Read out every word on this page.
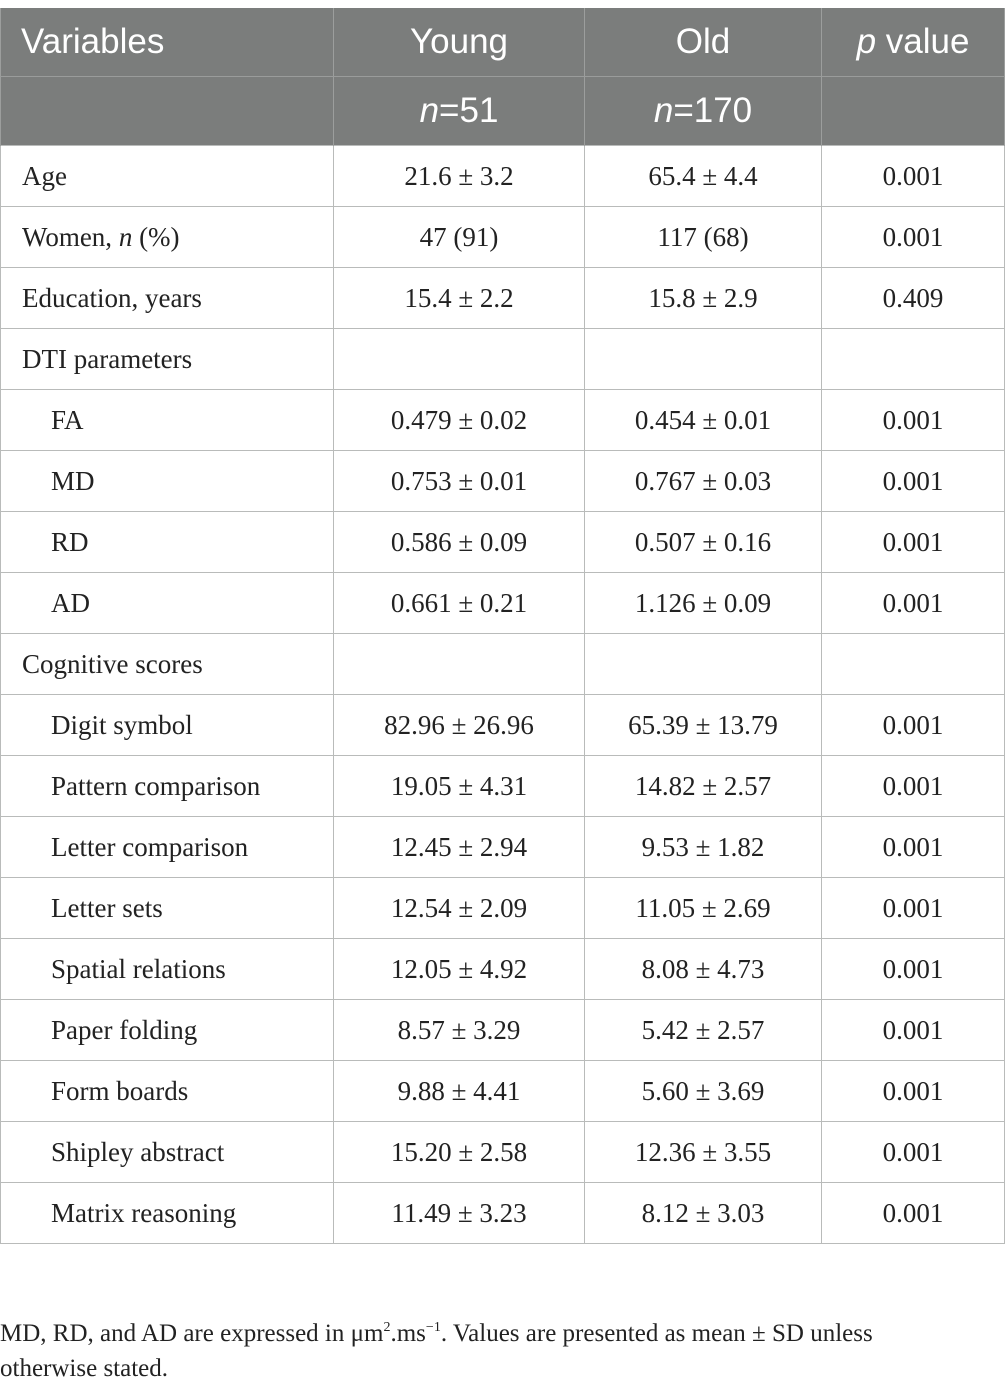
Variables	Young	Old	p value
	n=51	n=170	
Age	21.6 ± 3.2	65.4 ± 4.4	0.001
Women, n (%)	47 (91)	117 (68)	0.001
Education, years	15.4 ± 2.2	15.8 ± 2.9	0.409
DTI parameters			
FA	0.479 ± 0.02	0.454 ± 0.01	0.001
MD	0.753 ± 0.01	0.767 ± 0.03	0.001
RD	0.586 ± 0.09	0.507 ± 0.16	0.001
AD	0.661 ± 0.21	1.126 ± 0.09	0.001
Cognitive scores			
Digit symbol	82.96 ± 26.96	65.39 ± 13.79	0.001
Pattern comparison	19.05 ± 4.31	14.82 ± 2.57	0.001
Letter comparison	12.45 ± 2.94	9.53 ± 1.82	0.001
Letter sets	12.54 ± 2.09	11.05 ± 2.69	0.001
Spatial relations	12.05 ± 4.92	8.08 ± 4.73	0.001
Paper folding	8.57 ± 3.29	5.42 ± 2.57	0.001
Form boards	9.88 ± 4.41	5.60 ± 3.69	0.001
Shipley abstract	15.20 ± 2.58	12.36 ± 3.55	0.001
Matrix reasoning	11.49 ± 3.23	8.12 ± 3.03	0.001
MD, RD, and AD are expressed in $\mu m^2.ms^{-1}$. Values are presented as mean ± SD unless otherwise stated.
